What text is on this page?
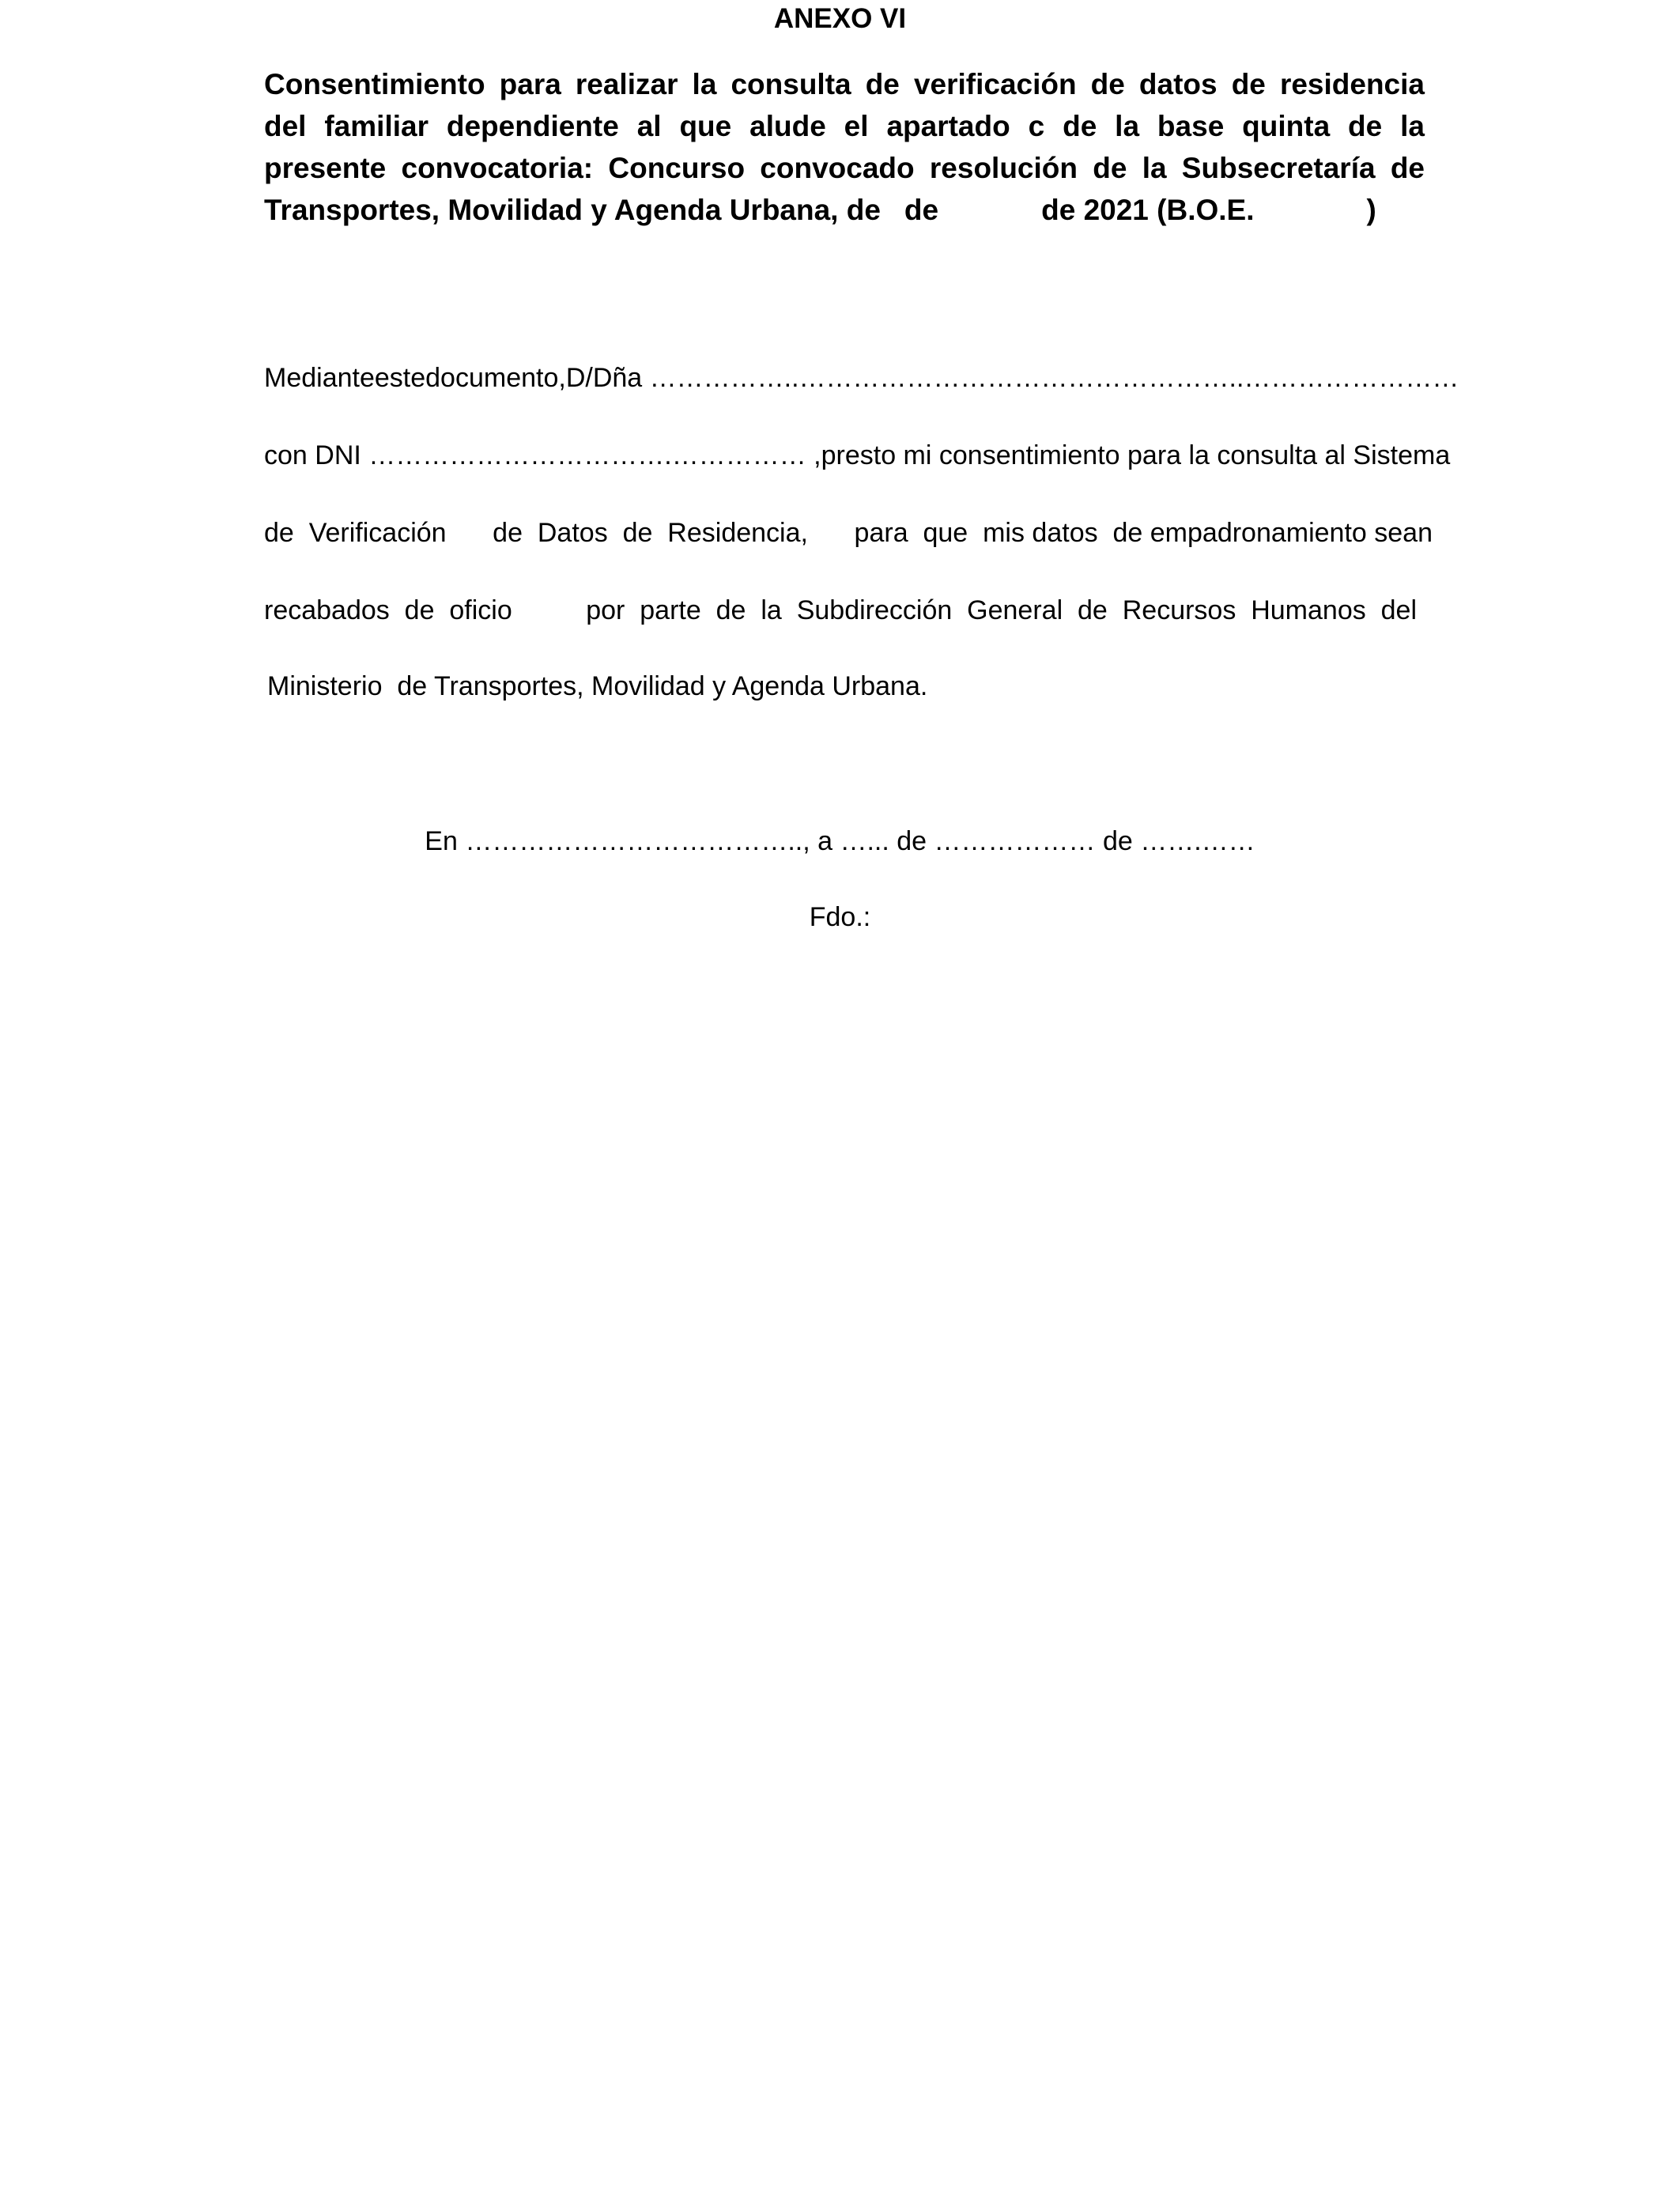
ANEXO VI
Consentimiento para realizar la consulta de verificación de datos de residencia
del familiar dependiente al que alude el apartado c de la base quinta de la
presente convocatoria: Concurso convocado resolución de la Subsecretaría de
Transportes, Movilidad y Agenda Urbana, de de	de 2021 (B.O.E.	)
Mediante este documento, D/Dña ……………..…………………………………………..……………………
con DNI …………………………….…………… , presto mi consentimiento para la consulta al Sistema
de  Verificación de  Datos  de  Residencia, para  que  mis datos  de empadronamiento sean
recabados  de  oficio	por  parte  de  la  Subdirección  General  de  Recursos  Humanos  del
Ministerio  de Transportes, Movilidad y Agenda Urbana.
En ……………………………….., a …... de ……………… de …….……
Fdo.:
